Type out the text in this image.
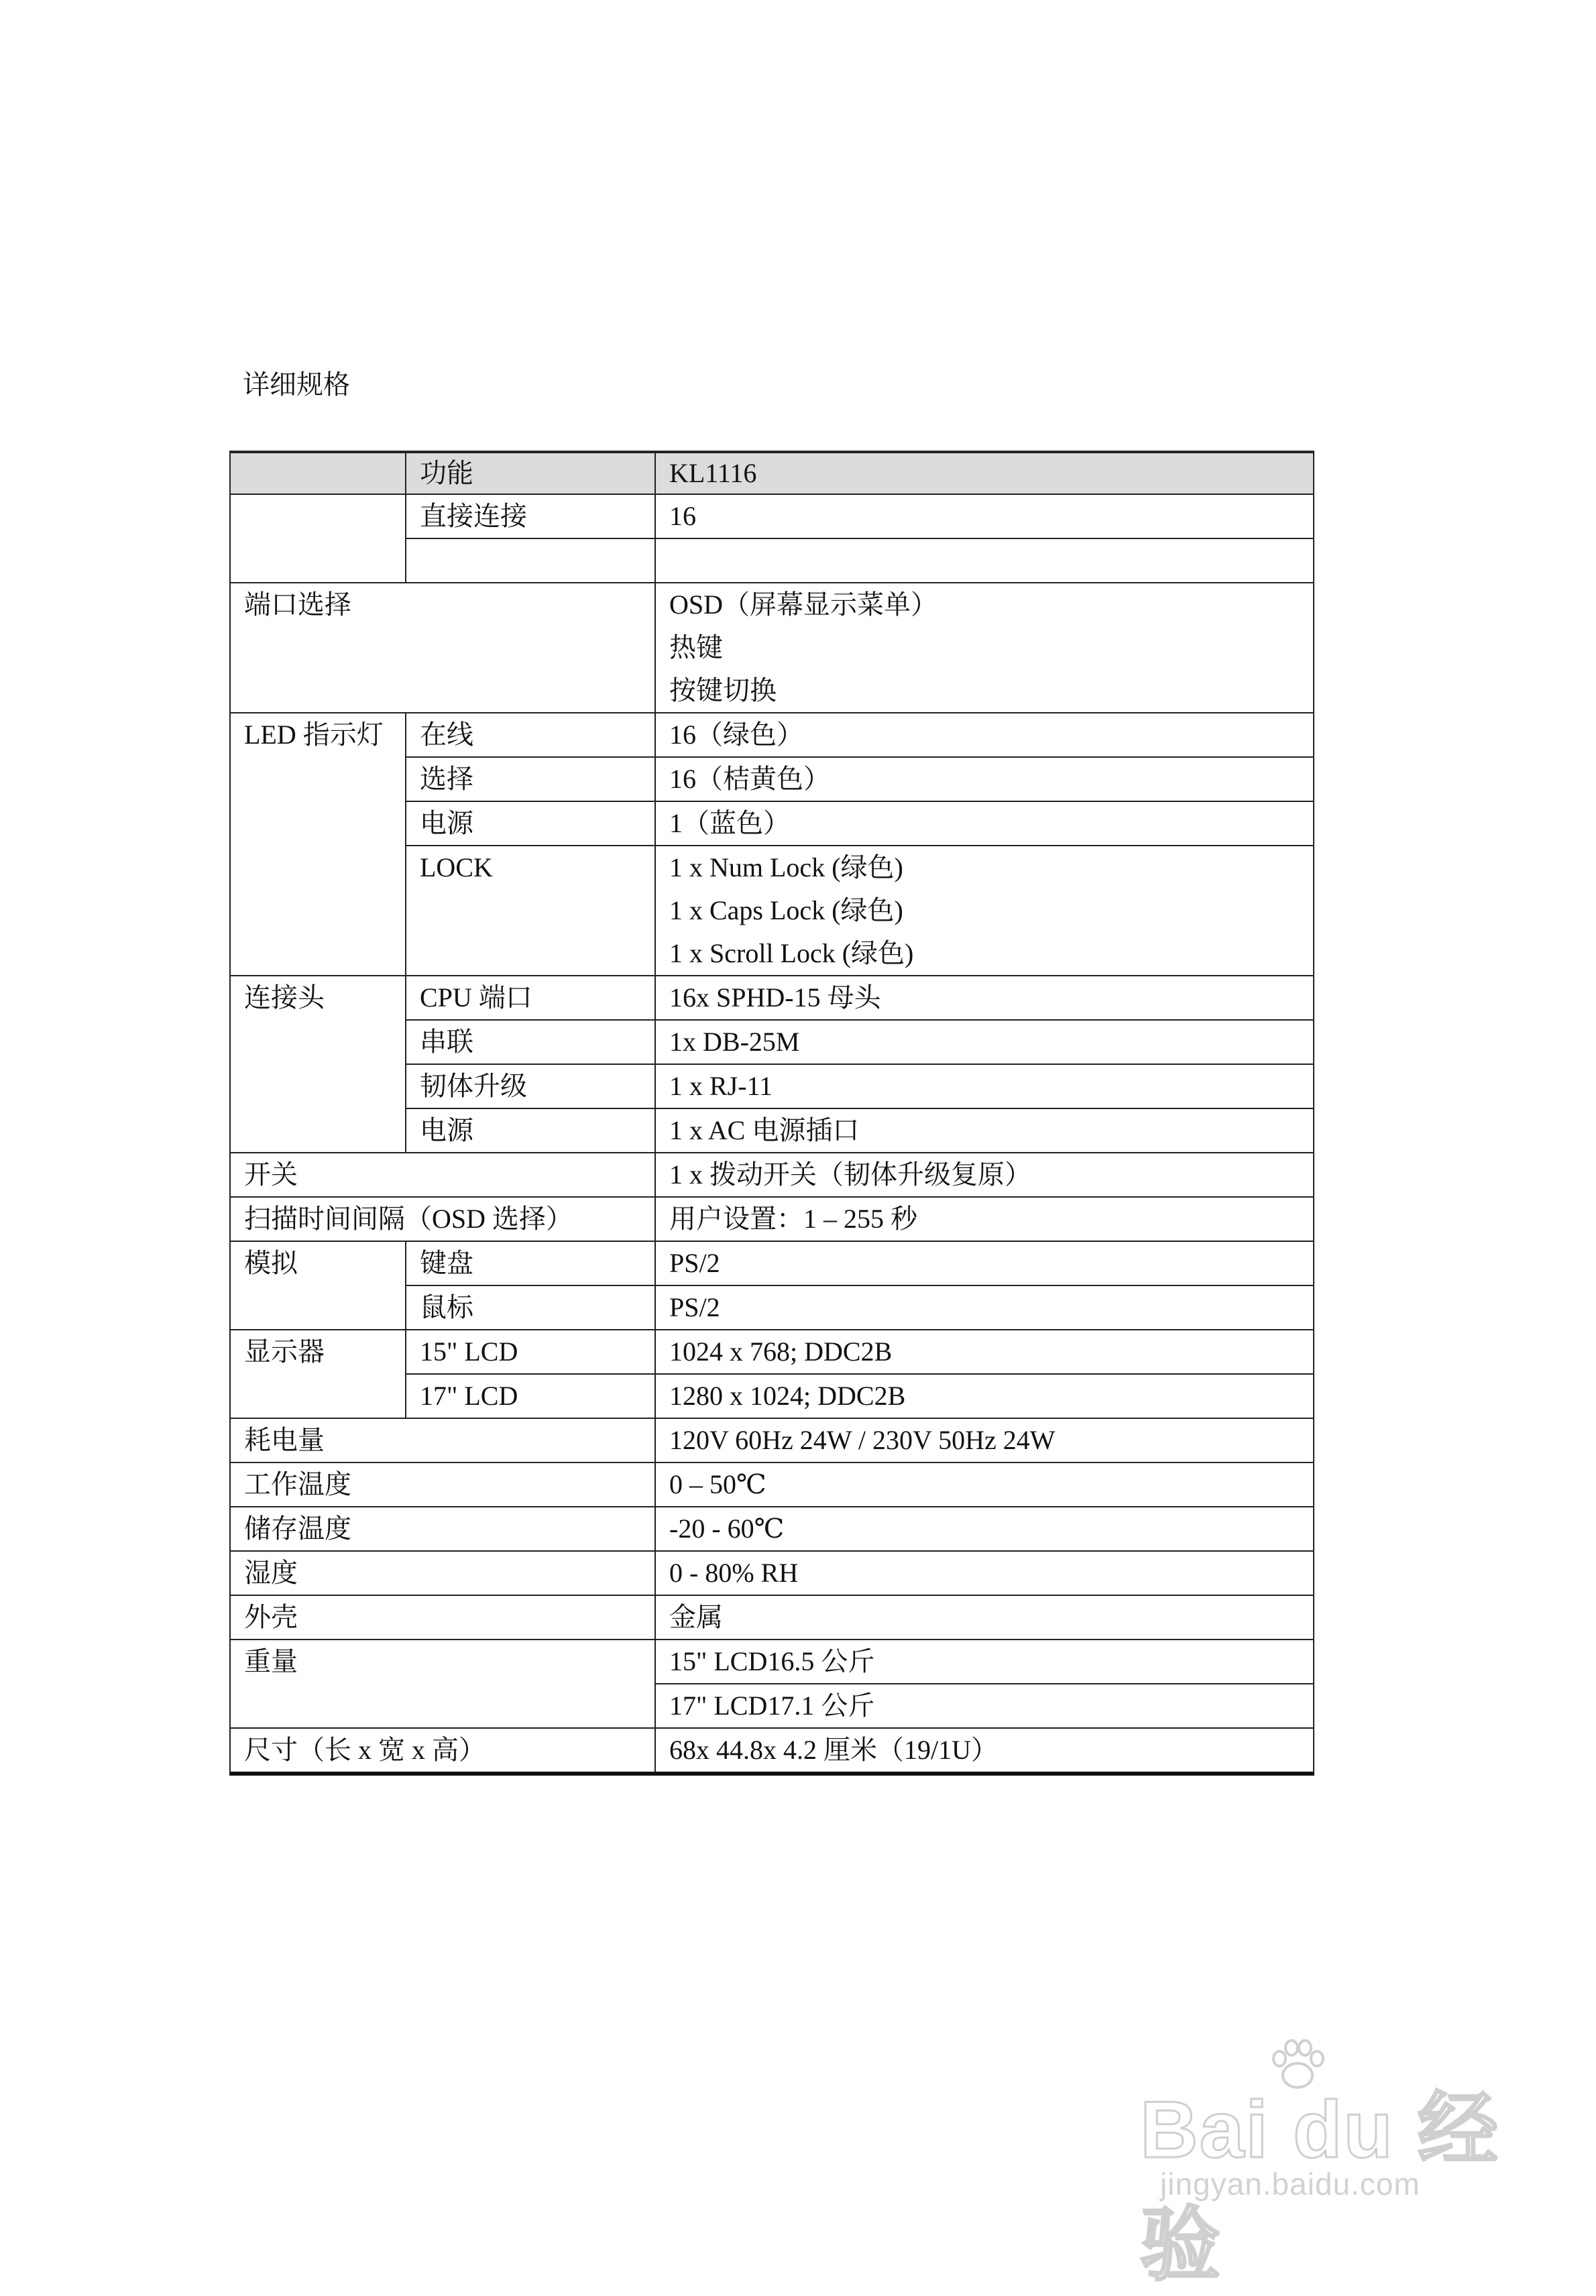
详细规格
	功能	KL1116
	直接连接	16

端口选择		OSD（屏幕显示菜单）
热键
按键切换

LED 指示灯	在线	16（绿色）
	选择	16（桔黄色）
	电源	1（蓝色）
	LOCK	1 x Num Lock (绿色)
1 x Caps Lock (绿色)
1 x Scroll Lock (绿色)

连接头	CPU 端口	16x SPHD-15 母头
	串联	1x DB-25M
	韧体升级	1 x RJ-11
	电源	1 x AC 电源插口
开关		1 x 拨动开关（韧体升级复原）
扫描时间间隔（OSD 选择）		用户设置：1 – 255 秒
模拟	键盘	PS/2
	鼠标	PS/2
显示器	15" LCD	1024 x 768; DDC2B
	17" LCD	1280 x 1024; DDC2B
耗电量		120V 60Hz 24W / 230V 50Hz 24W
工作温度		0 – 50℃
储存温度		-20 - 60℃
湿度		0 - 80% RH
外壳		金属
重量		15" LCD16.5 公斤
		17" LCD17.1 公斤
尺寸（长 x 宽 x 高）		68x 44.8x 4.2 厘米（19/1U）
Bai du 经验
jingyan.baidu.com
